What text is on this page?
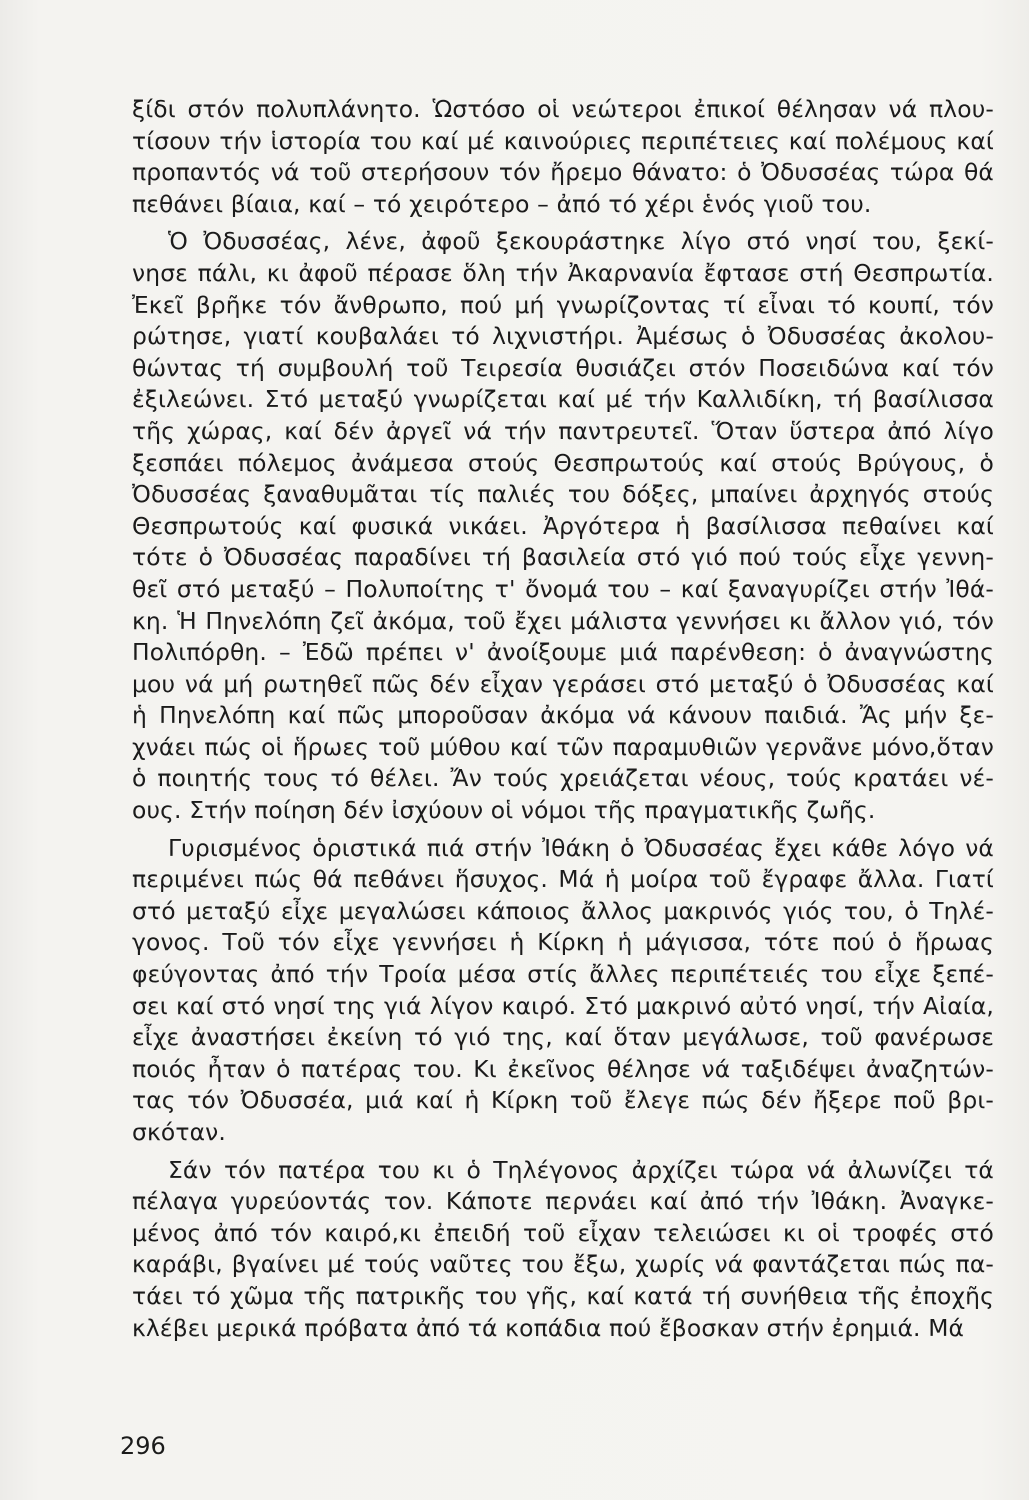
ξίδι στόν πολυπλάνητο. Ὡστόσο οἱ νεώτεροι ἐπικοί θέλησαν νά πλου-
τίσουν τήν ἱστορία του καί μέ καινούριες περιπέτειες καί πολέμους καί
προπαντός νά τοῦ στερήσουν τόν ἤρεμο θάνατο: ὁ Ὀδυσσέας τώρα θά
πεθάνει βίαια, καί – τό χειρότερο – ἀπό τό χέρι ἑνός γιοῦ του.
Ὁ Ὀδυσσέας, λένε, ἀφοῦ ξεκουράστηκε λίγο στό νησί του, ξεκί-
νησε πάλι, κι ἀφοῦ πέρασε ὅλη τήν Ἀκαρνανία ἔφτασε στή Θεσπρωτία.
Ἐκεῖ βρῆκε τόν ἄνθρωπο, πού μή γνωρίζοντας τί εἶναι τό κουπί, τόν
ρώτησε, γιατί κουβαλάει τό λιχνιστήρι. Ἀμέσως ὁ Ὀδυσσέας ἀκολου-
θώντας τή συμβουλή τοῦ Τειρεσία θυσιάζει στόν Ποσειδώνα καί τόν
ἐξιλεώνει. Στό μεταξύ γνωρίζεται καί μέ τήν Καλλιδίκη, τή βασίλισσα
τῆς χώρας, καί δέν ἀργεῖ νά τήν παντρευτεῖ. Ὅταν ὕστερα ἀπό λίγο
ξεσπάει πόλεμος ἀνάμεσα στούς Θεσπρωτούς καί στούς Βρύγους, ὁ
Ὀδυσσέας ξαναθυμᾶται τίς παλιές του δόξες, μπαίνει ἀρχηγός στούς
Θεσπρωτούς καί φυσικά νικάει. Ἀργότερα ἡ βασίλισσα πεθαίνει καί
τότε ὁ Ὀδυσσέας παραδίνει τή βασιλεία στό γιό πού τούς εἶχε γεννη-
θεῖ στό μεταξύ – Πολυποίτης τ' ὄνομά του – καί ξαναγυρίζει στήν Ἰθά-
κη. Ἡ Πηνελόπη ζεῖ ἀκόμα, τοῦ ἔχει μάλιστα γεννήσει κι ἄλλον γιό, τόν
Πολιπόρθη. – Ἐδῶ πρέπει ν' ἀνοίξουμε μιά παρένθεση: ὁ ἀναγνώστης
μου νά μή ρωτηθεῖ πῶς δέν εἶχαν γεράσει στό μεταξύ ὁ Ὀδυσσέας καί
ἡ Πηνελόπη καί πῶς μποροῦσαν ἀκόμα νά κάνουν παιδιά. Ἄς μήν ξε-
χνάει πώς οἱ ἥρωες τοῦ μύθου καί τῶν παραμυθιῶν γερνᾶνε μόνο,ὅταν
ὁ ποιητής τους τό θέλει. Ἄν τούς χρειάζεται νέους, τούς κρατάει νέ-
ους. Στήν ποίηση δέν ἰσχύουν οἱ νόμοι τῆς πραγματικῆς ζωῆς.
Γυρισμένος ὁριστικά πιά στήν Ἰθάκη ὁ Ὀδυσσέας ἔχει κάθε λόγο νά
περιμένει πώς θά πεθάνει ἥσυχος. Μά ἡ μοίρα τοῦ ἔγραφε ἄλλα. Γιατί
στό μεταξύ εἶχε μεγαλώσει κάποιος ἄλλος μακρινός γιός του, ὁ Τηλέ-
γονος. Τοῦ τόν εἶχε γεννήσει ἡ Κίρκη ἡ μάγισσα, τότε πού ὁ ἥρωας
φεύγοντας ἀπό τήν Τροία μέσα στίς ἄλλες περιπέτειές του εἶχε ξεπέ-
σει καί στό νησί της γιά λίγον καιρό. Στό μακρινό αὐτό νησί, τήν Αἰαία,
εἶχε ἀναστήσει ἐκείνη τό γιό της, καί ὅταν μεγάλωσε, τοῦ φανέρωσε
ποιός ἦταν ὁ πατέρας του. Κι ἐκεῖνος θέλησε νά ταξιδέψει ἀναζητών-
τας τόν Ὀδυσσέα, μιά καί ἡ Κίρκη τοῦ ἔλεγε πώς δέν ἤξερε ποῦ βρι-
σκόταν.
Σάν τόν πατέρα του κι ὁ Τηλέγονος ἀρχίζει τώρα νά ἀλωνίζει τά
πέλαγα γυρεύοντάς τον. Κάποτε περνάει καί ἀπό τήν Ἰθάκη. Ἀναγκε-
μένος ἀπό τόν καιρό,κι ἐπειδή τοῦ εἶχαν τελειώσει κι οἱ τροφές στό
καράβι, βγαίνει μέ τούς ναῦτες του ἔξω, χωρίς νά φαντάζεται πώς πα-
τάει τό χῶμα τῆς πατρικῆς του γῆς, καί κατά τή συνήθεια τῆς ἐποχῆς
κλέβει μερικά πρόβατα ἀπό τά κοπάδια πού ἔβοσκαν στήν ἐρημιά. Μά
296
